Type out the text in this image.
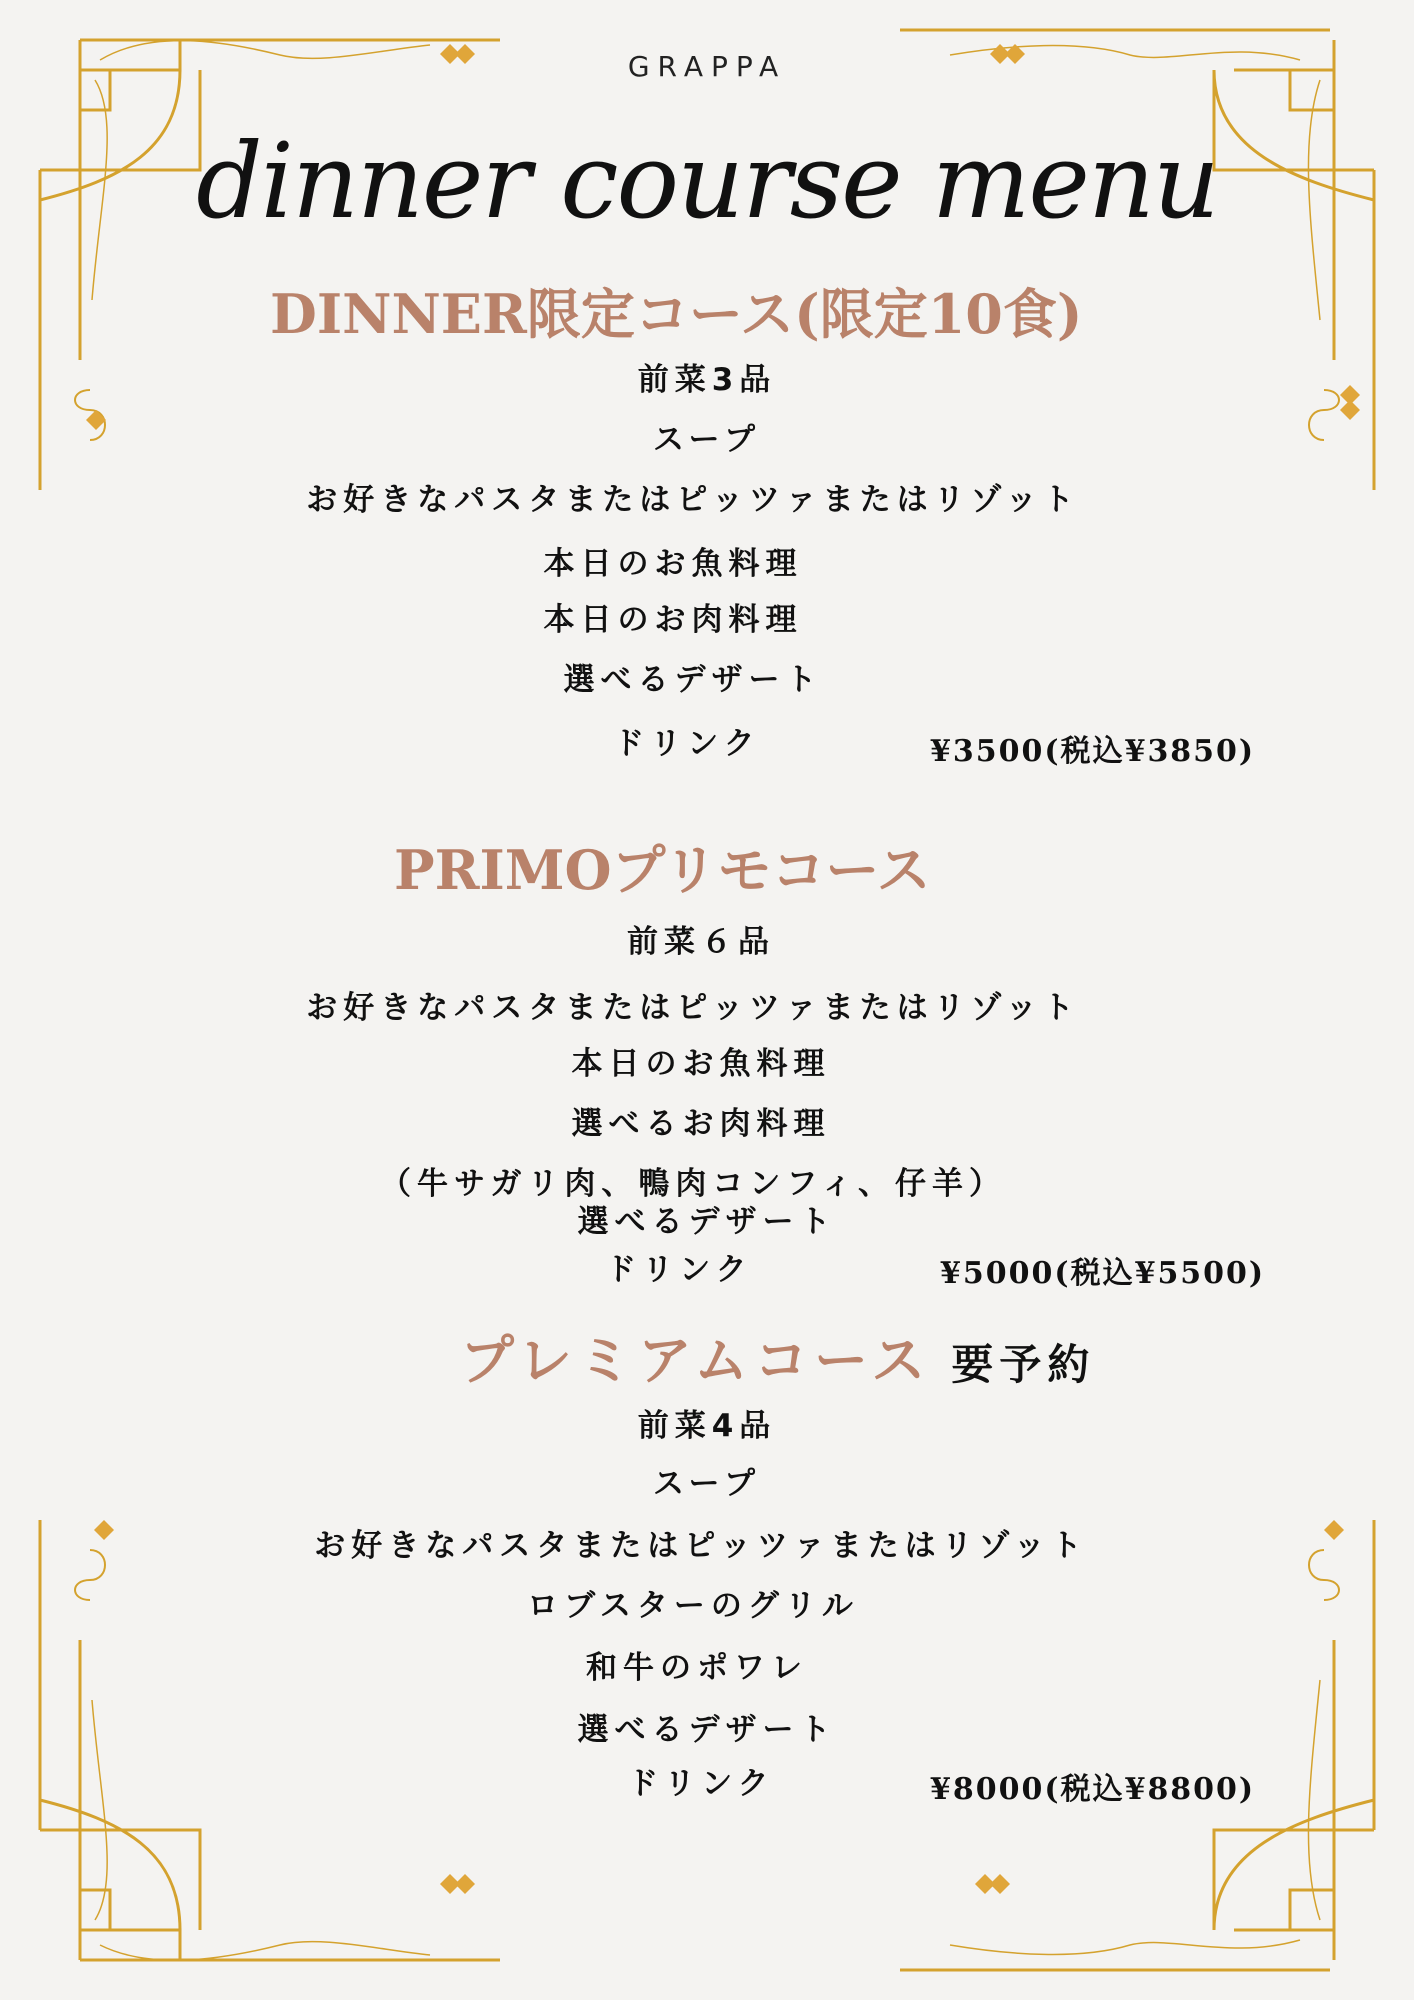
GRAPPA
dinner course menu
DINNER限定コース(限定10食)
前菜3品
スープ
お好きなパスタまたはピッツァまたはリゾット
本日のお魚料理
本日のお肉料理
選べるデザート
ドリンク	¥3500(税込¥3850)
PRIMOプリモコース
前菜６品
お好きなパスタまたはピッツァまたはリゾット
本日のお魚料理
選べるお肉料理
（牛サガリ肉、鴨肉コンフィ、仔羊）
選べるデザート
ドリンク	¥5000(税込¥5500)
プレミアムコース 要予約
前菜4品
スープ
お好きなパスタまたはピッツァまたはリゾット
ロブスターのグリル
和牛のポワレ
選べるデザート
ドリンク	¥8000(税込¥8800)
